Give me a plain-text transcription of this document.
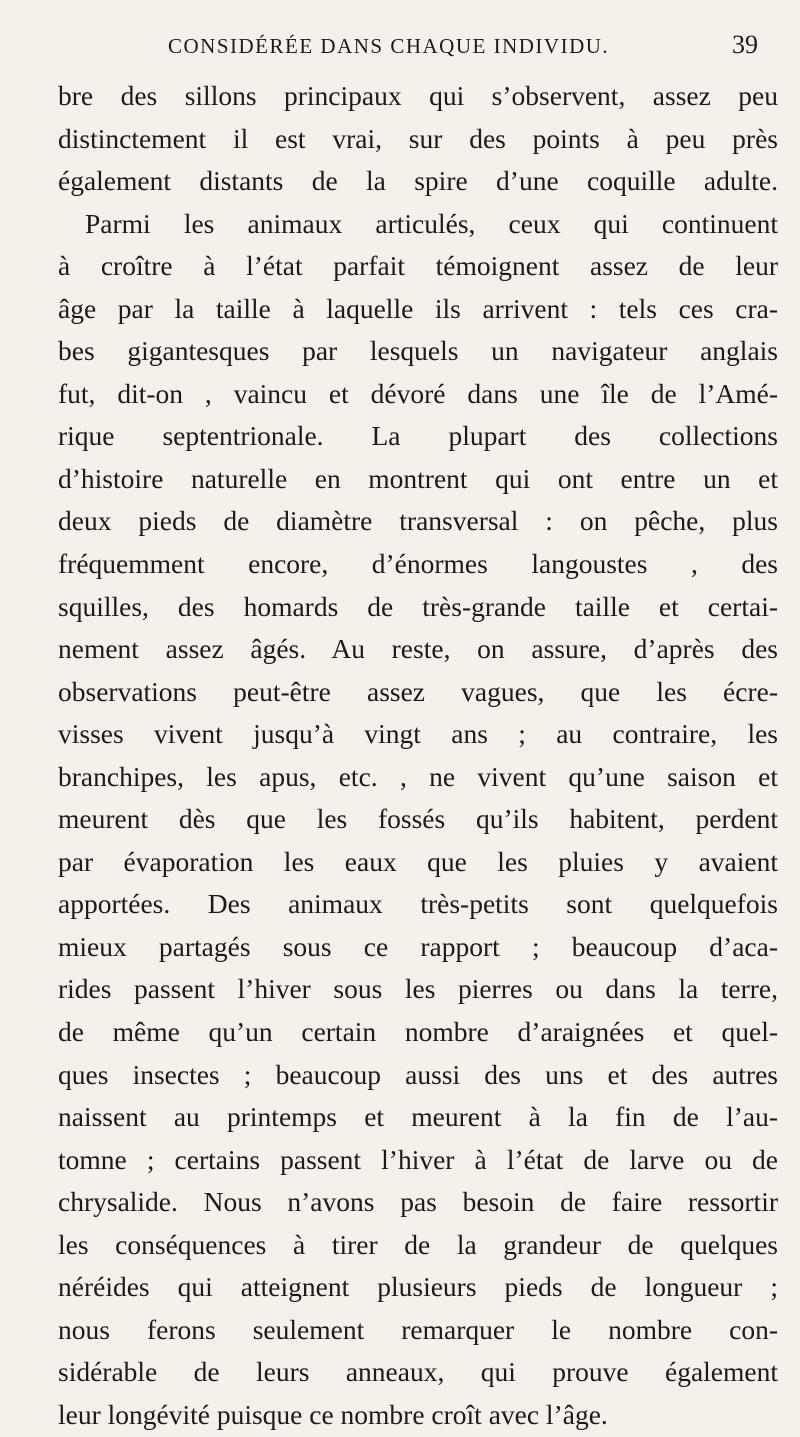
CONSIDÉRÉE DANS CHAQUE INDIVIDU.	39
bre des sillons principaux qui s’observent, assez peu
distinctement il est vrai, sur des points à peu près
également distants de la spire d’une coquille adulte.
Parmi les animaux articulés, ceux qui continuent
à croître à l’état parfait témoignent assez de leur
âge par la taille à laquelle ils arrivent : tels ces cra-
bes gigantesques par lesquels un navigateur anglais
fut, dit-on , vaincu et dévoré dans une île de l’Amé-
rique septentrionale. La plupart des collections
d’histoire naturelle en montrent qui ont entre un et
deux pieds de diamètre transversal : on pêche, plus
fréquemment encore, d’énormes langoustes , des
squilles, des homards de très-grande taille et certai-
nement assez âgés. Au reste, on assure, d’après des
observations peut-être assez vagues, que les écre-
visses vivent jusqu’à vingt ans ; au contraire, les
branchipes, les apus, etc. , ne vivent qu’une saison et
meurent dès que les fossés qu’ils habitent, perdent
par évaporation les eaux que les pluies y avaient
apportées. Des animaux très-petits sont quelquefois
mieux partagés sous ce rapport ; beaucoup d’aca-
rides passent l’hiver sous les pierres ou dans la terre,
de même qu’un certain nombre d’araignées et quel-
ques insectes ; beaucoup aussi des uns et des autres
naissent au printemps et meurent à la fin de l’au-
tomne ; certains passent l’hiver à l’état de larve ou de
chrysalide. Nous n’avons pas besoin de faire ressortir
les conséquences à tirer de la grandeur de quelques
néréides qui atteignent plusieurs pieds de longueur ;
nous ferons seulement remarquer le nombre con-
sidérable de leurs anneaux, qui prouve également
leur longévité puisque ce nombre croît avec l’âge.
